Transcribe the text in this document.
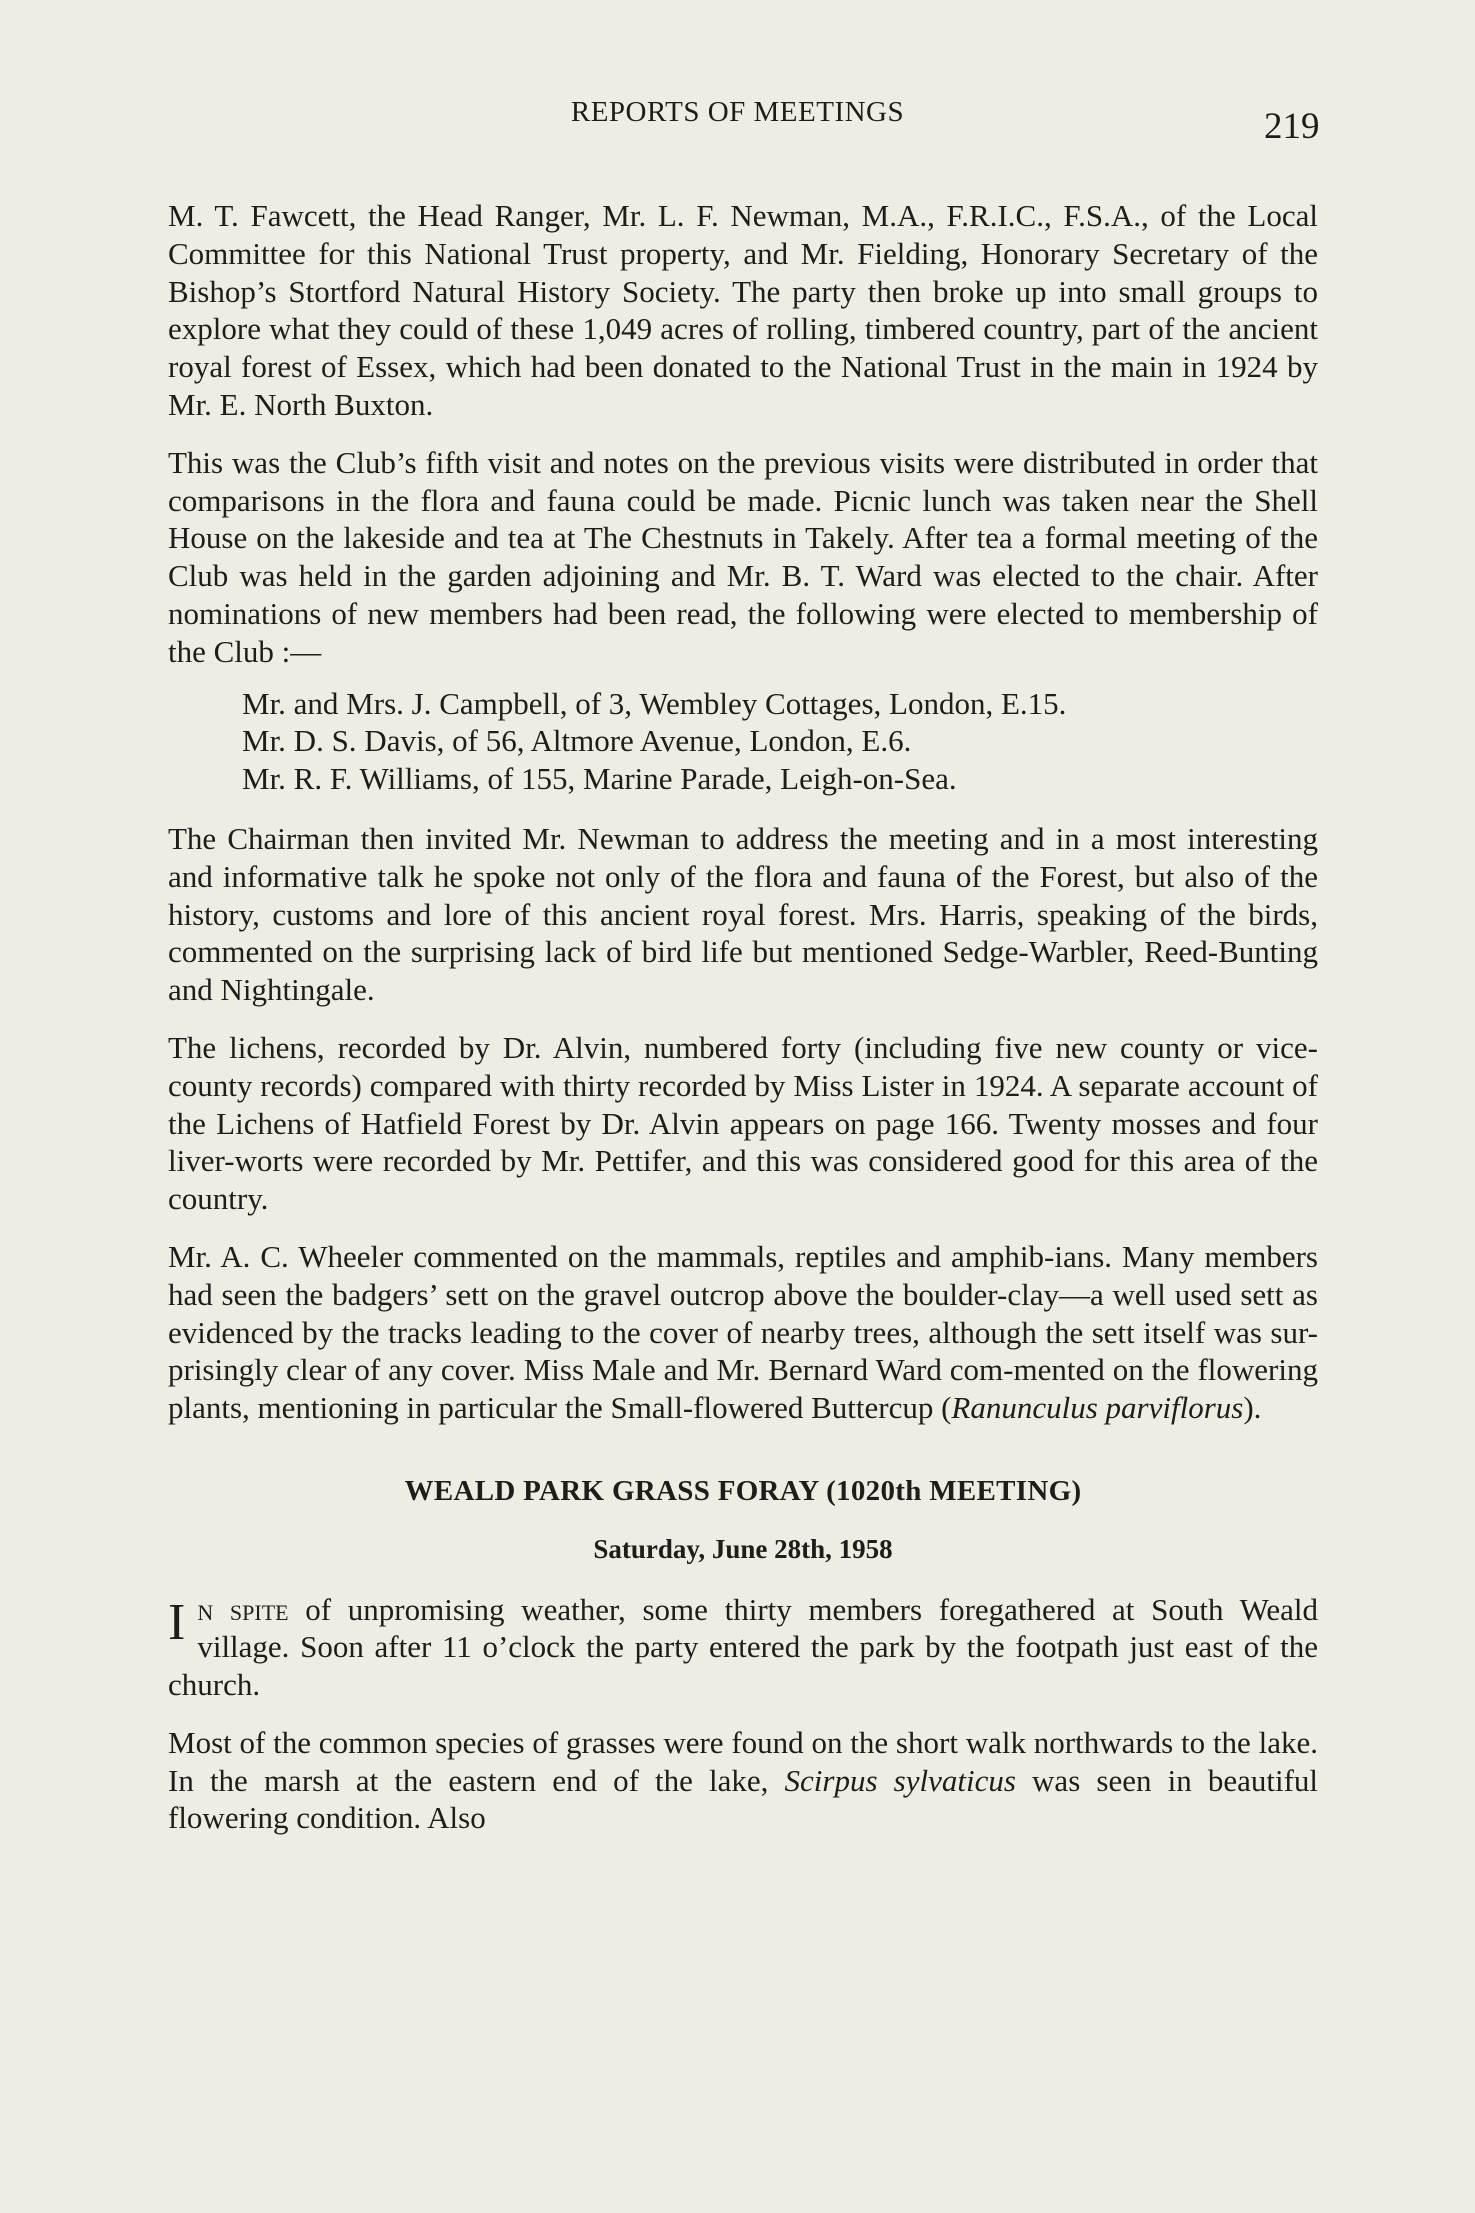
REPORTS OF MEETINGS	219

M. T. Fawcett, the Head Ranger, Mr. L. F. Newman, M.A., F.R.I.C., F.S.A., of the Local Committee for this National Trust property, and Mr. Fielding, Honorary Secretary of the Bishop’s Stortford Natural History Society. The party then broke up into small groups to explore what they could of these 1,049 acres of rolling, timbered country, part of the ancient royal forest of Essex, which had been donated to the National Trust in the main in 1924 by Mr. E. North Buxton.

This was the Club’s fifth visit and notes on the previous visits were distributed in order that comparisons in the flora and fauna could be made. Picnic lunch was taken near the Shell House on the lakeside and tea at The Chestnuts in Takely. After tea a formal meeting of the Club was held in the garden adjoining and Mr. B. T. Ward was elected to the chair. After nominations of new members had been read, the following were elected to membership of the Club :—

Mr. and Mrs. J. Campbell, of 3, Wembley Cottages, London, E.15.
Mr. D. S. Davis, of 56, Altmore Avenue, London, E.6.
Mr. R. F. Williams, of 155, Marine Parade, Leigh-on-Sea.

The Chairman then invited Mr. Newman to address the meeting and in a most interesting and informative talk he spoke not only of the flora and fauna of the Forest, but also of the history, customs and lore of this ancient royal forest. Mrs. Harris, speaking of the birds, commented on the surprising lack of bird life but mentioned Sedge-Warbler, Reed-Bunting and Nightingale.

The lichens, recorded by Dr. Alvin, numbered forty (including five new county or vice-county records) compared with thirty recorded by Miss Lister in 1924. A separate account of the Lichens of Hatfield Forest by Dr. Alvin appears on page 166. Twenty mosses and four liver-worts were recorded by Mr. Pettifer, and this was considered good for this area of the country.

Mr. A. C. Wheeler commented on the mammals, reptiles and amphib-ians. Many members had seen the badgers’ sett on the gravel outcrop above the boulder-clay—a well used sett as evidenced by the tracks leading to the cover of nearby trees, although the sett itself was sur-prisingly clear of any cover. Miss Male and Mr. Bernard Ward com-mented on the flowering plants, mentioning in particular the Small-flowered Buttercup (Ranunculus parviflorus).

WEALD PARK GRASS FORAY (1020th MEETING)
Saturday, June 28th, 1958

In spite of unpromising weather, some thirty members foregathered at South Weald village. Soon after 11 o’clock the party entered the park by the footpath just east of the church.

Most of the common species of grasses were found on the short walk northwards to the lake. In the marsh at the eastern end of the lake, Scirpus sylvaticus was seen in beautiful flowering condition. Also
